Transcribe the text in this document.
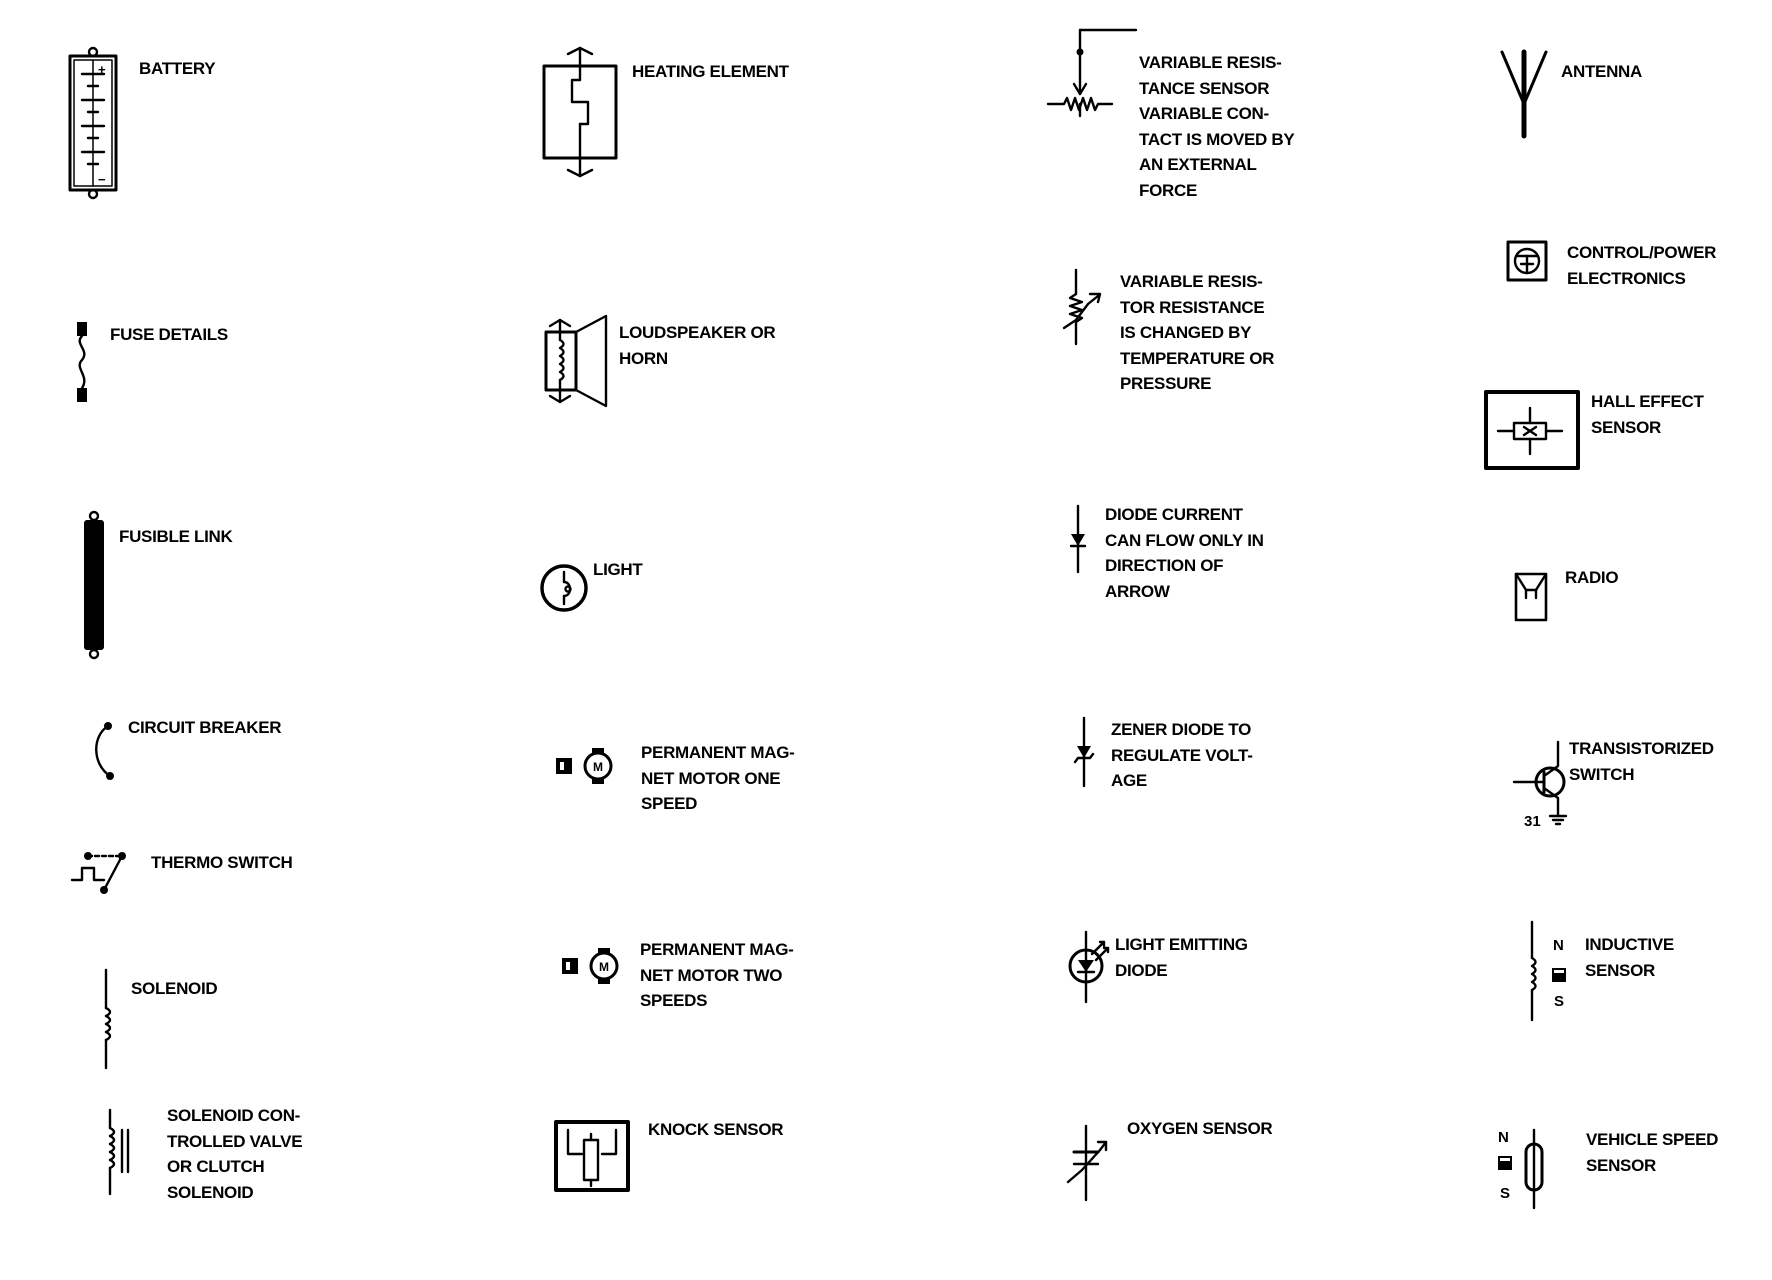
+
−
BATTERY
FUSE DETAILS
FUSIBLE LINK
CIRCUIT BREAKER
THERMO SWITCH
SOLENOID
SOLENOID CON-
TROLLED VALVE
OR CLUTCH
SOLENOID
HEATING ELEMENT
LOUDSPEAKER OR
HORN
LIGHT
M
PERMANENT MAG-
NET MOTOR ONE
SPEED
M
PERMANENT MAG-
NET MOTOR TWO
SPEEDS
KNOCK SENSOR
VARIABLE RESIS-
TANCE SENSOR
VARIABLE CON-
TACT IS MOVED BY
AN EXTERNAL
FORCE
VARIABLE RESIS-
TOR RESISTANCE
IS CHANGED BY
TEMPERATURE OR
PRESSURE
DIODE CURRENT
CAN FLOW ONLY IN
DIRECTION OF
ARROW
ZENER DIODE TO
REGULATE VOLT-
AGE
LIGHT EMITTING
DIODE
OXYGEN SENSOR
ANTENNA
CONTROL/POWER
ELECTRONICS
HALL EFFECT
SENSOR
RADIO
31
TRANSISTORIZED
SWITCH
N
S
INDUCTIVE
SENSOR
N
S
VEHICLE SPEED
SENSOR
